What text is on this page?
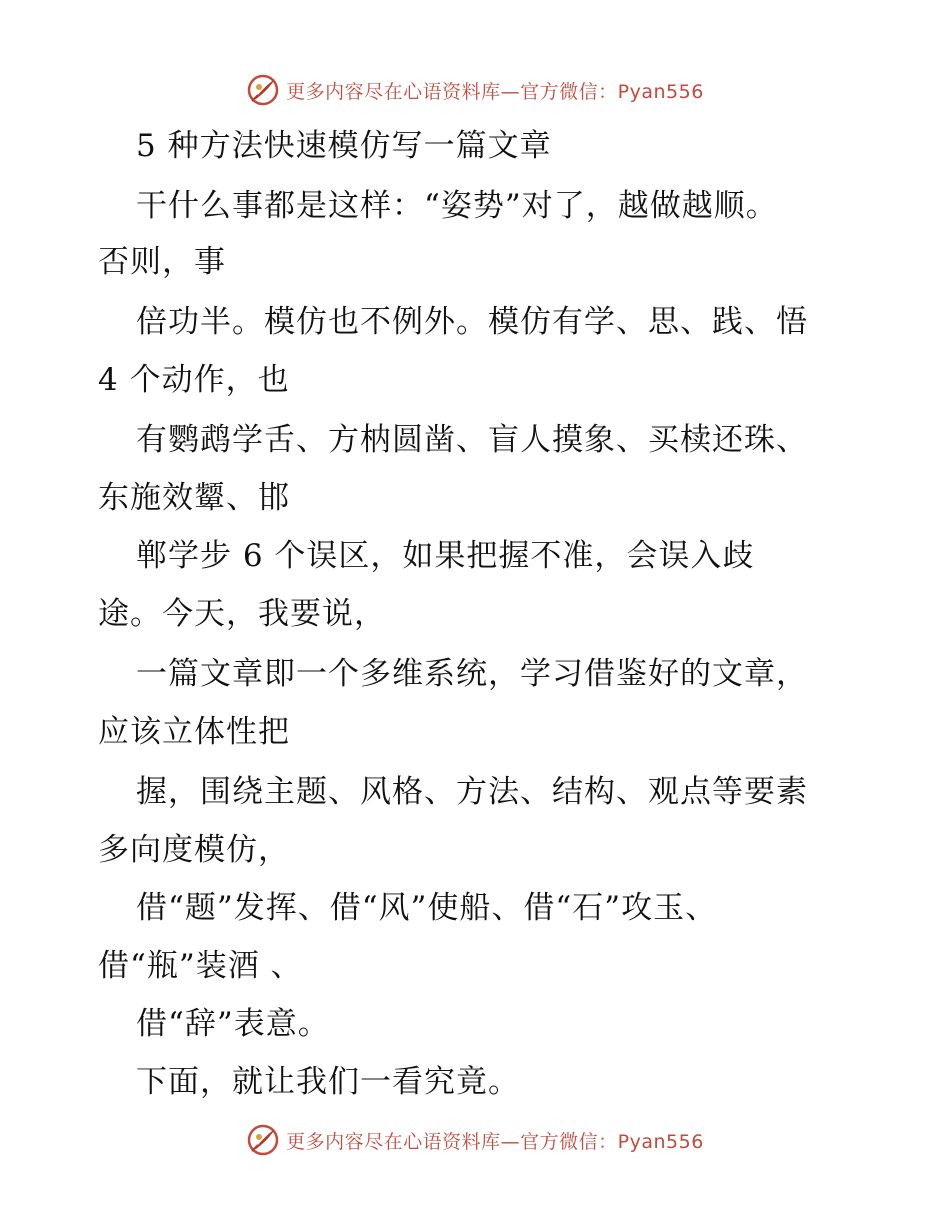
更多内容尽在心语资料库—官方微信：Pyan556
5 种方法快速模仿写一篇文章
干什么事都是这样：“姿势”对了，越做越顺。
否则，事
倍功半。模仿也不例外。模仿有学、思、践、悟
4 个动作，也
有鹦鹉学舌、方枘圆凿、盲人摸象、买椟还珠、
东施效颦、邯
郸学步 6 个误区，如果把握不准，会误入歧
途。今天，我要说，
一篇文章即一个多维系统，学习借鉴好的文章，
应该立体性把
握，围绕主题、风格、方法、结构、观点等要素
多向度模仿，
借“题”发挥、借“风”使船、借“石”攻玉、
借“瓶”装酒 、
借“辞”表意。
下面，就让我们一看究竟。
更多内容尽在心语资料库—官方微信：Pyan556
